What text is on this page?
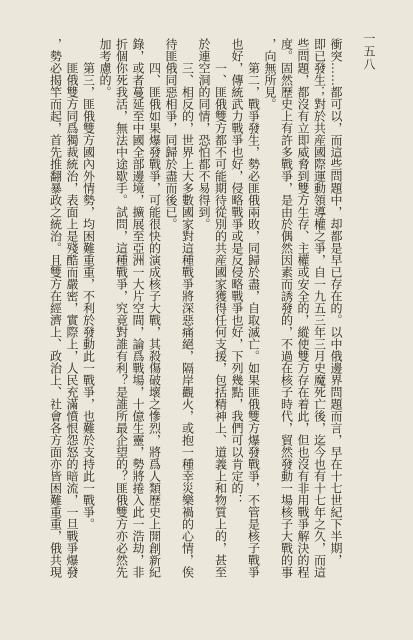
一五八
衝突……都可以，而這些問題中，却都是早已存在的。以中俄邊界問題而言，早在十七世紀下半期，
即已發生；對於共産國際運動領導權之爭，自一九五三年三月史魔死亡後，迄今也有十七年之久，而這
些問題，都沒有立即威脅到雙方生存、主權或安全的，縱使雙方存在着此，但也沒有非用戰爭解決的程
度。固然歷史上有許多戰爭，是由於偶然因素而誘發的，不過在核子時代，貿然發動一場核子大戰的事
，向無所見。
第二，戰爭發生，勢必匪俄兩敗，同歸於盡，自取滅亡。如果匪俄雙方爆發戰爭，不管是核子戰爭
也好，傳統武力戰爭也好，侵略戰爭或是反侵略戰爭也好，下列幾點，我們可以肯定的：
一、匪俄雙方都不可能期待從別的共産國家獲得任何支援，包括精神上、道義上和物質上的，甚至
於連空洞的同情，恐怕都不易得到。
三、相反的，世界上大多數國家對這種戰爭將深惡痛絕，隔岸觀火，或抱一種幸災樂禍的心情，俟
待匪俄同惡相爭，同歸於盡而後已。
四、匪俄如果爆發戰爭，可能很快的演成核子大戰，其殺傷破壞之慘烈，將爲人類歷史上開創新紀
錄，或者蔓延至中國全部邊境，擴展至亞洲一大片空間，論爲戰場，十億生靈，勢將捲入此一浩劫，非
折個你死我活，無法中途歇手。試問，這種戰爭，究竟對誰有利？是誰所最企望的？匪俄雙方亦必然先
加考慮的。
第三，匪俄雙方國內外情勢，均困難重重，不利於發動此一戰爭，也難於支持此一戰爭。
匪俄雙方同爲獨裁統治，表面上是殘酷而嚴密，實際上，人民充滿憤恨怨怒的暗流，一旦戰爭爆發
，勢必揭竿而起，首先推翻暴政之統治。且雙方在經濟上、政治上、社會各方面亦皆困難重重，俄共現
